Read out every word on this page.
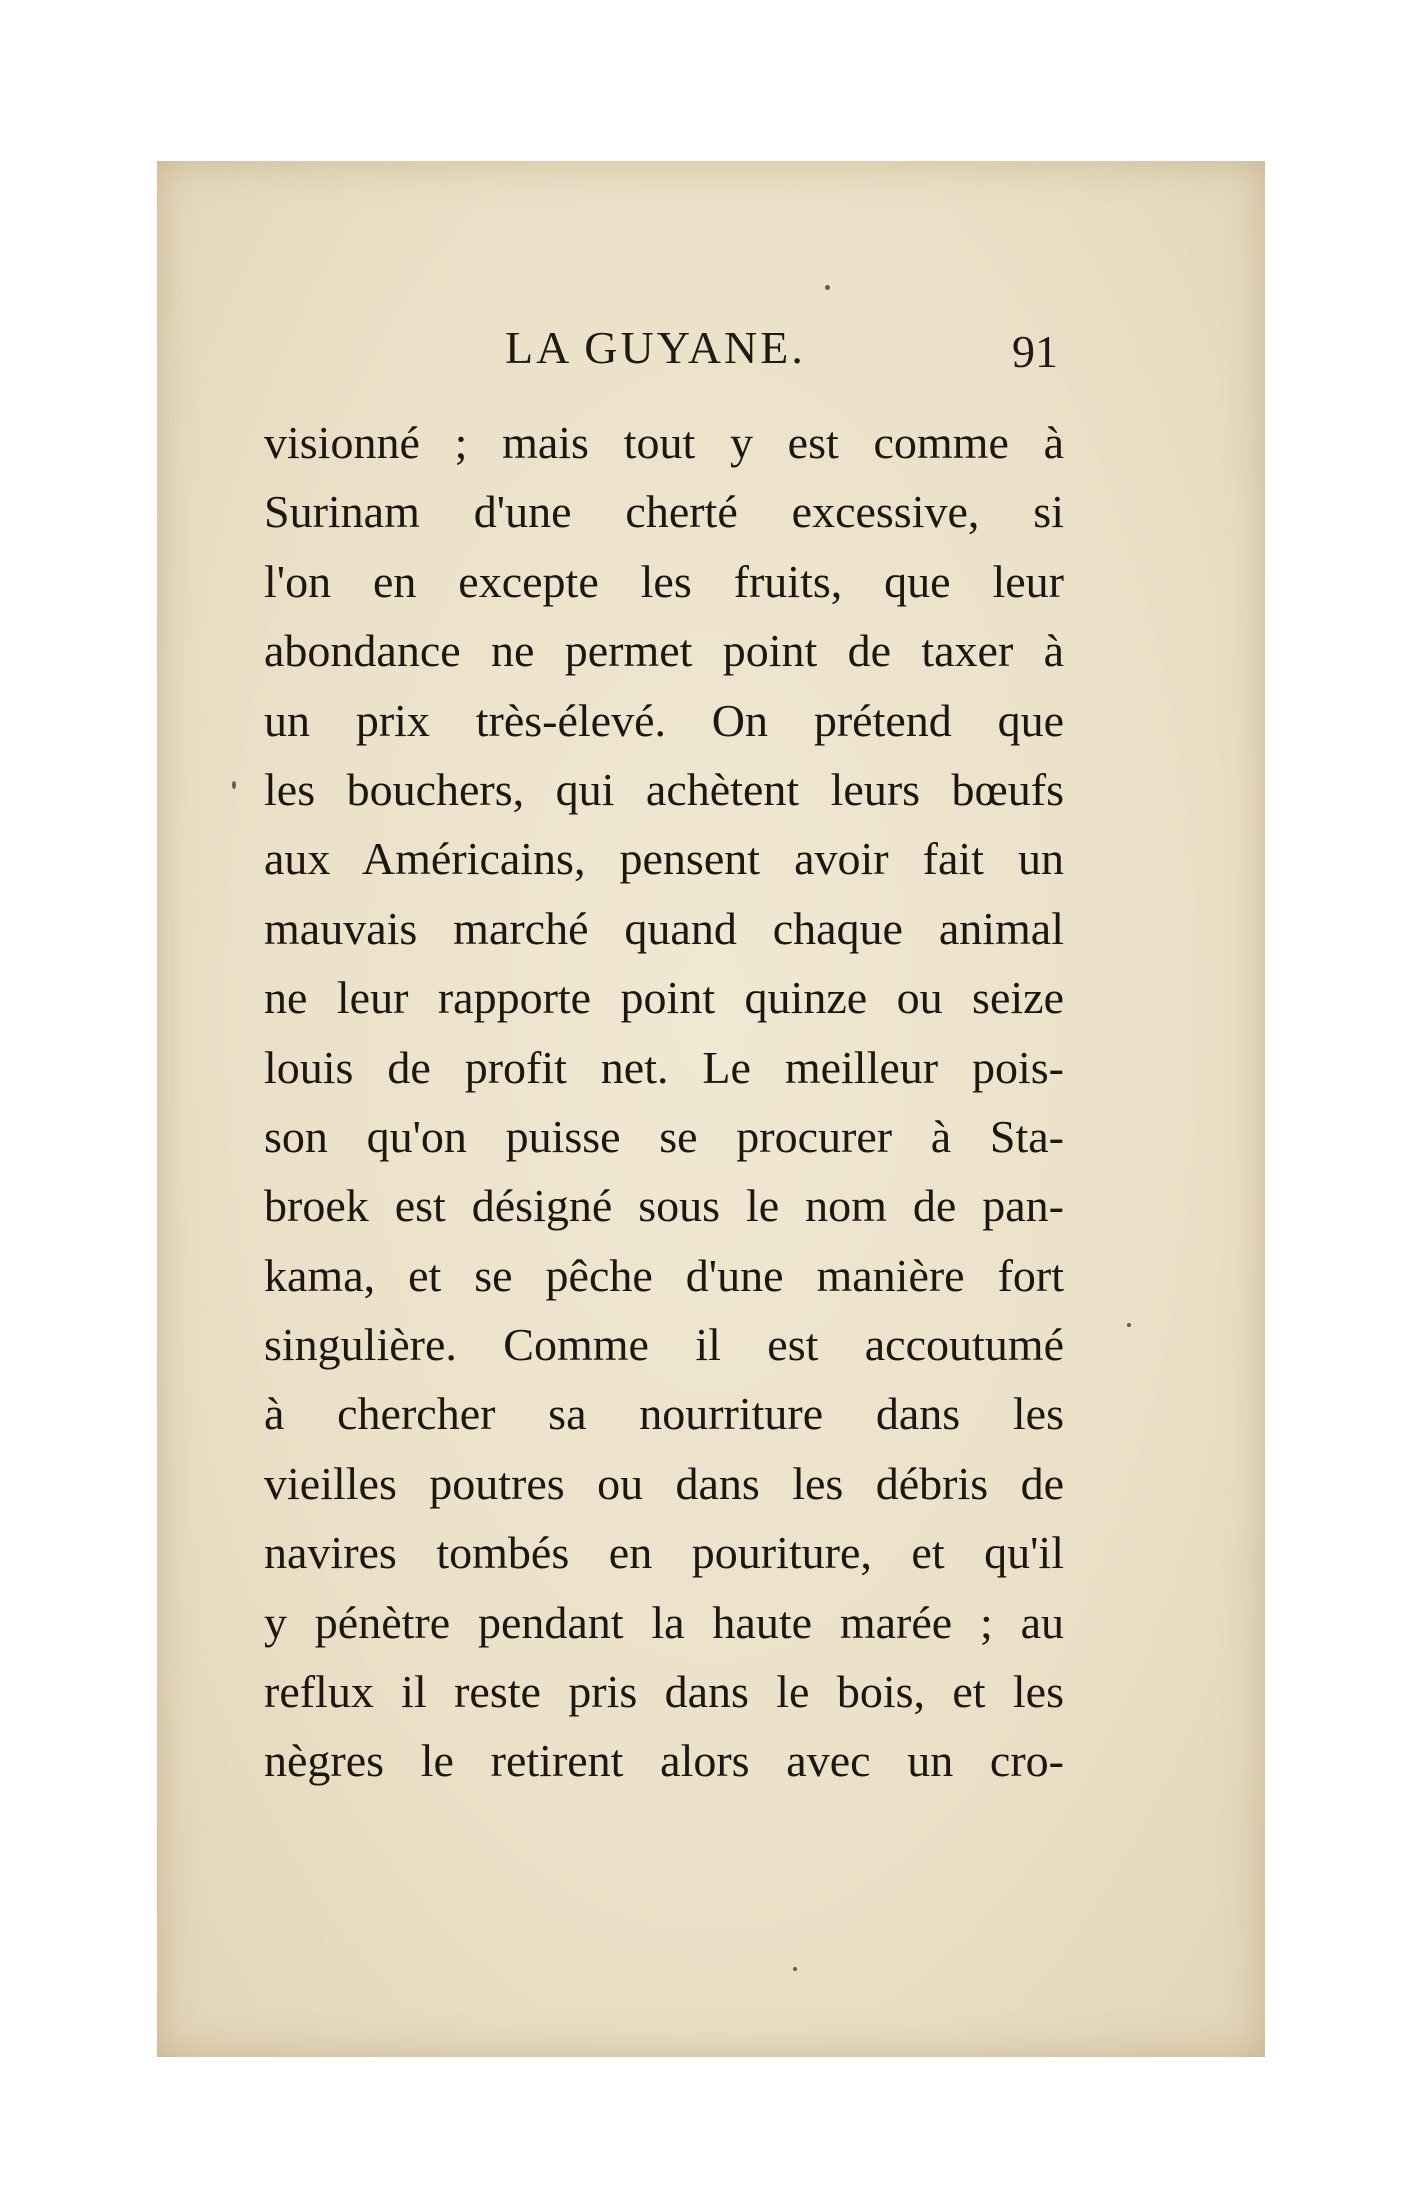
LA GUYANE.	91
visionné ; mais tout y est comme à
Surinam d'une cherté excessive, si
l'on en excepte les fruits, que leur
abondance ne permet point de taxer à
un prix très-élevé. On prétend que
les bouchers, qui achètent leurs bœufs
aux Américains, pensent avoir fait un
mauvais marché quand chaque animal
ne leur rapporte point quinze ou seize
louis de profit net. Le meilleur pois-
son qu'on puisse se procurer à Sta-
broek est désigné sous le nom de pan-
kama, et se pêche d'une manière fort
singulière. Comme il est accoutumé
à chercher sa nourriture dans les
vieilles poutres ou dans les débris de
navires tombés en pouriture, et qu'il
y pénètre pendant la haute marée ; au
reflux il reste pris dans le bois, et les
nègres le retirent alors avec un cro-
